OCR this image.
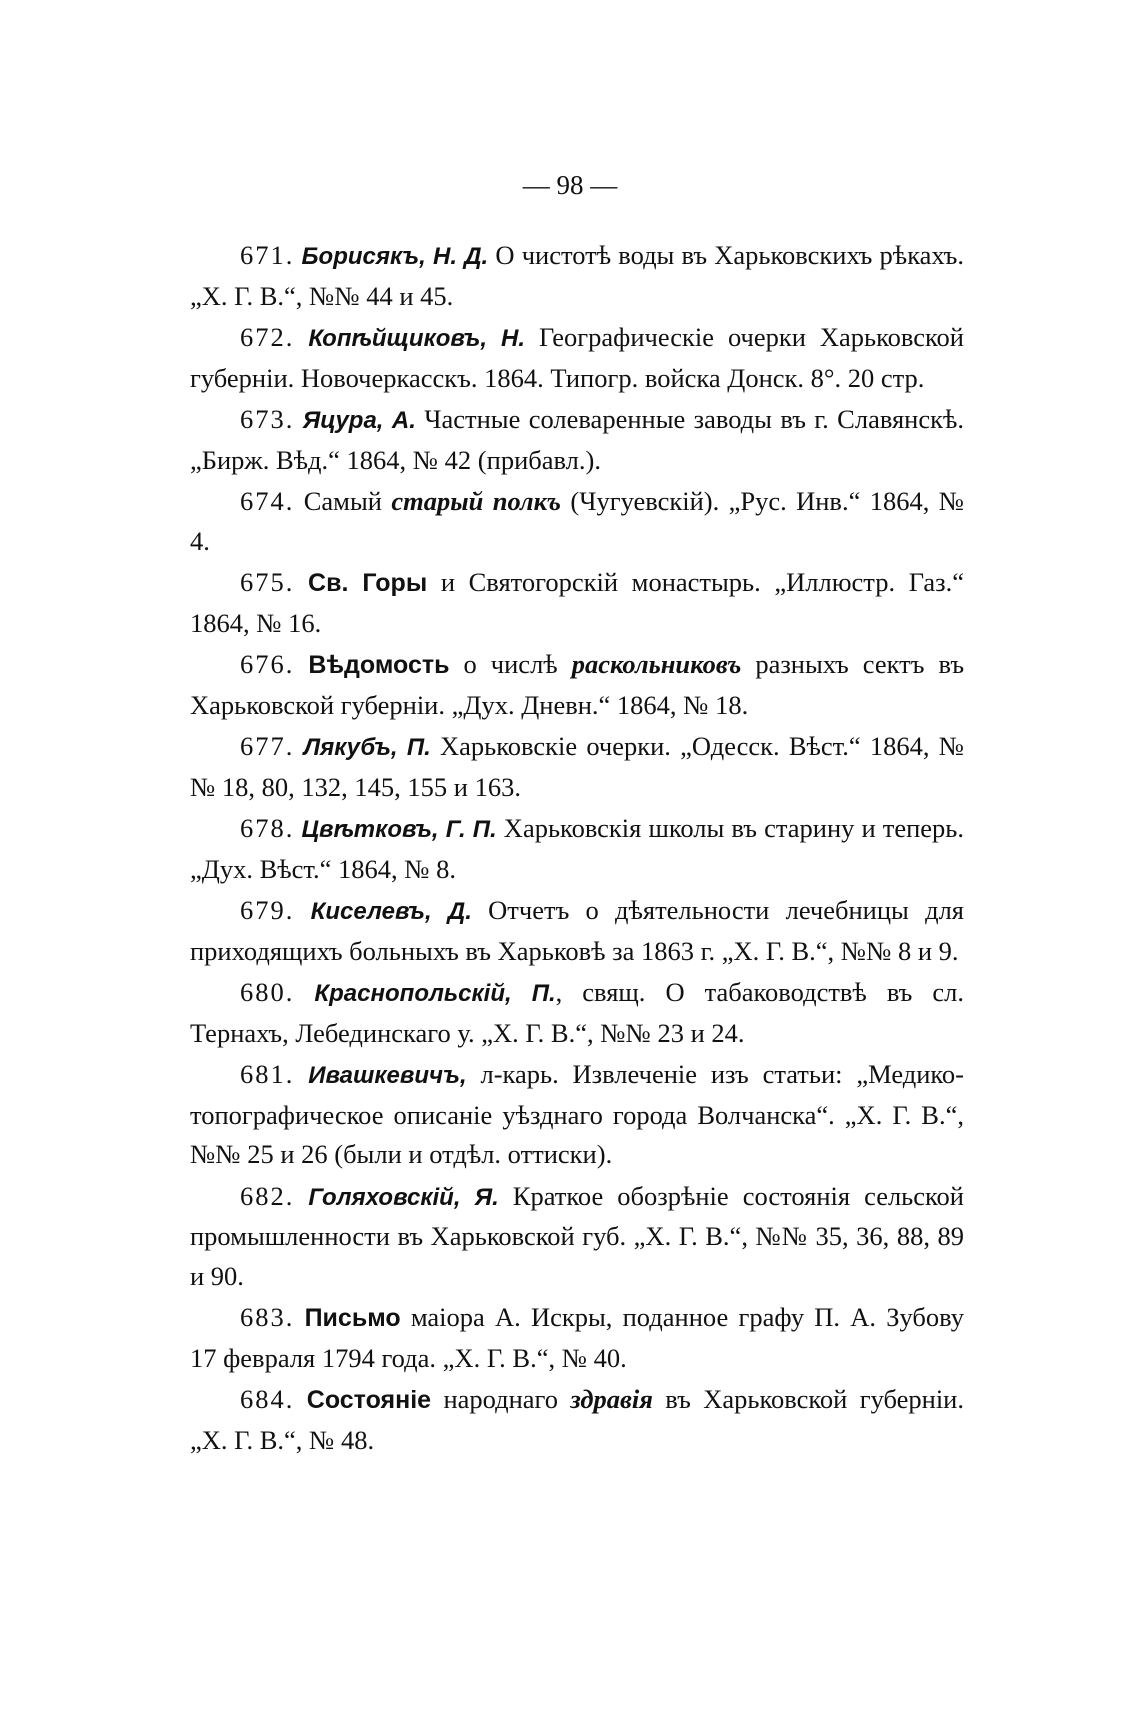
— 98 —

671. Борисякъ, Н. Д. О чистотѣ воды въ Харьковскихъ рѣкахъ. „Х. Г. В.“, №№ 44 и 45.

672. Копѣйщиковъ, Н. Географическіе очерки Харьковской губерніи. Новочеркасскъ. 1864. Типогр. войска Донск. 8°. 20 стр.

673. Яцура, А. Частные солеваренные заводы въ г. Славянскѣ. „Бирж. Вѣд.“ 1864, № 42 (прибавл.).

674. Самый старый полкъ (Чугуевскій). „Рус. Инв.“ 1864, № 4.

675. Св. Горы и Святогорскій монастырь. „Иллюстр. Газ.“ 1864, № 16.

676. Вѣдомость о числѣ раскольниковъ разныхъ сектъ въ Харьковской губерніи. „Дух. Дневн.“ 1864, № 18.

677. Лякубъ, П. Харьковскіе очерки. „Одесск. Вѣст.“ 1864, №№ 18, 80, 132, 145, 155 и 163.

678. Цвѣтковъ, Г. П. Харьковскія школы въ старину и теперь. „Дух. Вѣст.“ 1864, № 8.

679. Киселевъ, Д. Отчетъ о дѣятельности лечебницы для приходящихъ больныхъ въ Харьковѣ за 1863 г. „Х. Г. В.“, №№ 8 и 9.

680. Краснопольскій, П., свящ. О табаководствѣ въ сл. Тернахъ, Лебединскаго у. „Х. Г. В.“, №№ 23 и 24.

681. Ивашкевичъ, л-карь. Извлеченіе изъ статьи: „Медико-топографическое описаніе уѣзднаго города Волчанска“. „Х. Г. В.“, №№ 25 и 26 (были и отдѣл. оттиски).

682. Голяховскій, Я. Краткое обозрѣніе состоянія сельской промышленности въ Харьковской губ. „Х. Г. В.“, №№ 35, 36, 88, 89 и 90.

683. Письмо маіора А. Искры, поданное графу П. А. Зубову 17 февраля 1794 года. „Х. Г. В.“, № 40.

684. Состояніе народнаго здравія въ Харьковской губерніи. „Х. Г. В.“, № 48.
